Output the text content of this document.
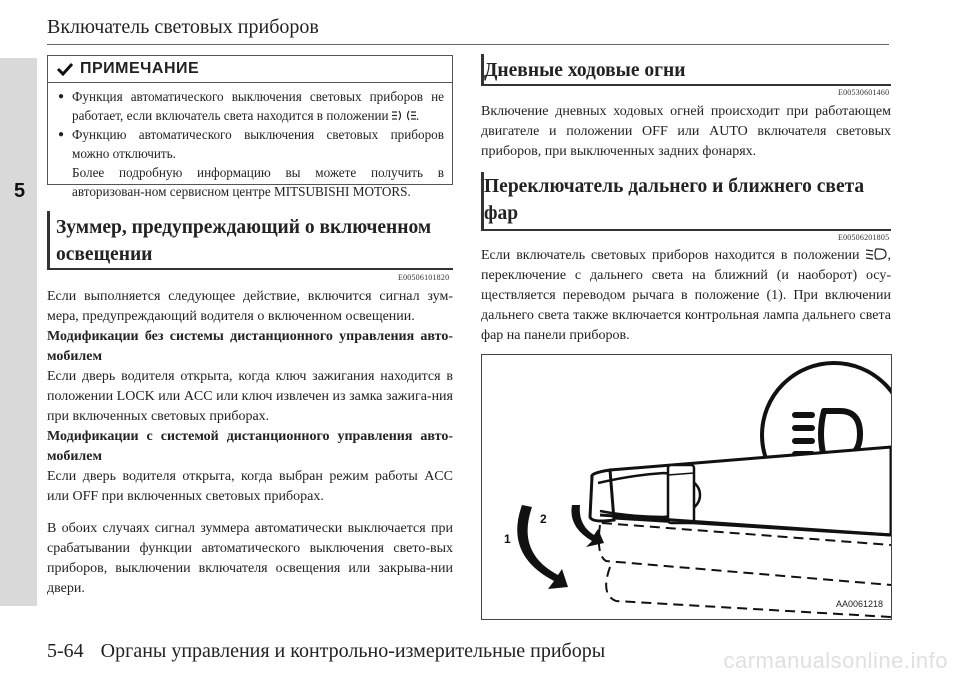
5
Включатель световых приборов
ПРИМЕЧАНИЕ
● Функция автоматического выключения световых приборов не работает, если включатель света находится в положении .
● Функцию автоматического выключения световых приборов можно отключить.
Более подробную информацию вы можете получить в авторизован-ном сервисном центре MITSUBISHI MOTORS.
Зуммер, предупреждающий о включенном освещении
E00506101820
Если выполняется следующее действие, включится сигнал зум-мера, предупреждающий водителя о включенном освещении.
Модификации без системы дистанционного управления авто-мобилем
Если дверь водителя открыта, когда ключ зажигания находится в положении LOCK или ACC или ключ извлечен из замка зажига-ния при включенных световых приборах.
Модификации с системой дистанционного управления авто-мобилем
Если дверь водителя открыта, когда выбран режим работы ACC или OFF при включенных световых приборах.
В обоих случаях сигнал зуммера автоматически выключается при срабатывании функции автоматического выключения свето-вых приборов, выключении включателя освещения или закрыва-нии двери.
Дневные ходовые огни
E00530601460
Включение дневных ходовых огней происходит при работающем двигателе и положении OFF или AUTO включателя световых приборов, при выключенных задних фонарях.
Переключатель дальнего и ближнего света фар
E00506201805
Если включатель световых приборов находится в положении , переключение с дальнего света на ближний (и наоборот) осу-ществляется переводом рычага в положение (1). При включении дальнего света также включается контрольная лампа дальнего света фар на панели приборов.
1
2
AA0061218
5-64 Органы управления и контрольно-измерительные приборы	carmanualsonline.info
